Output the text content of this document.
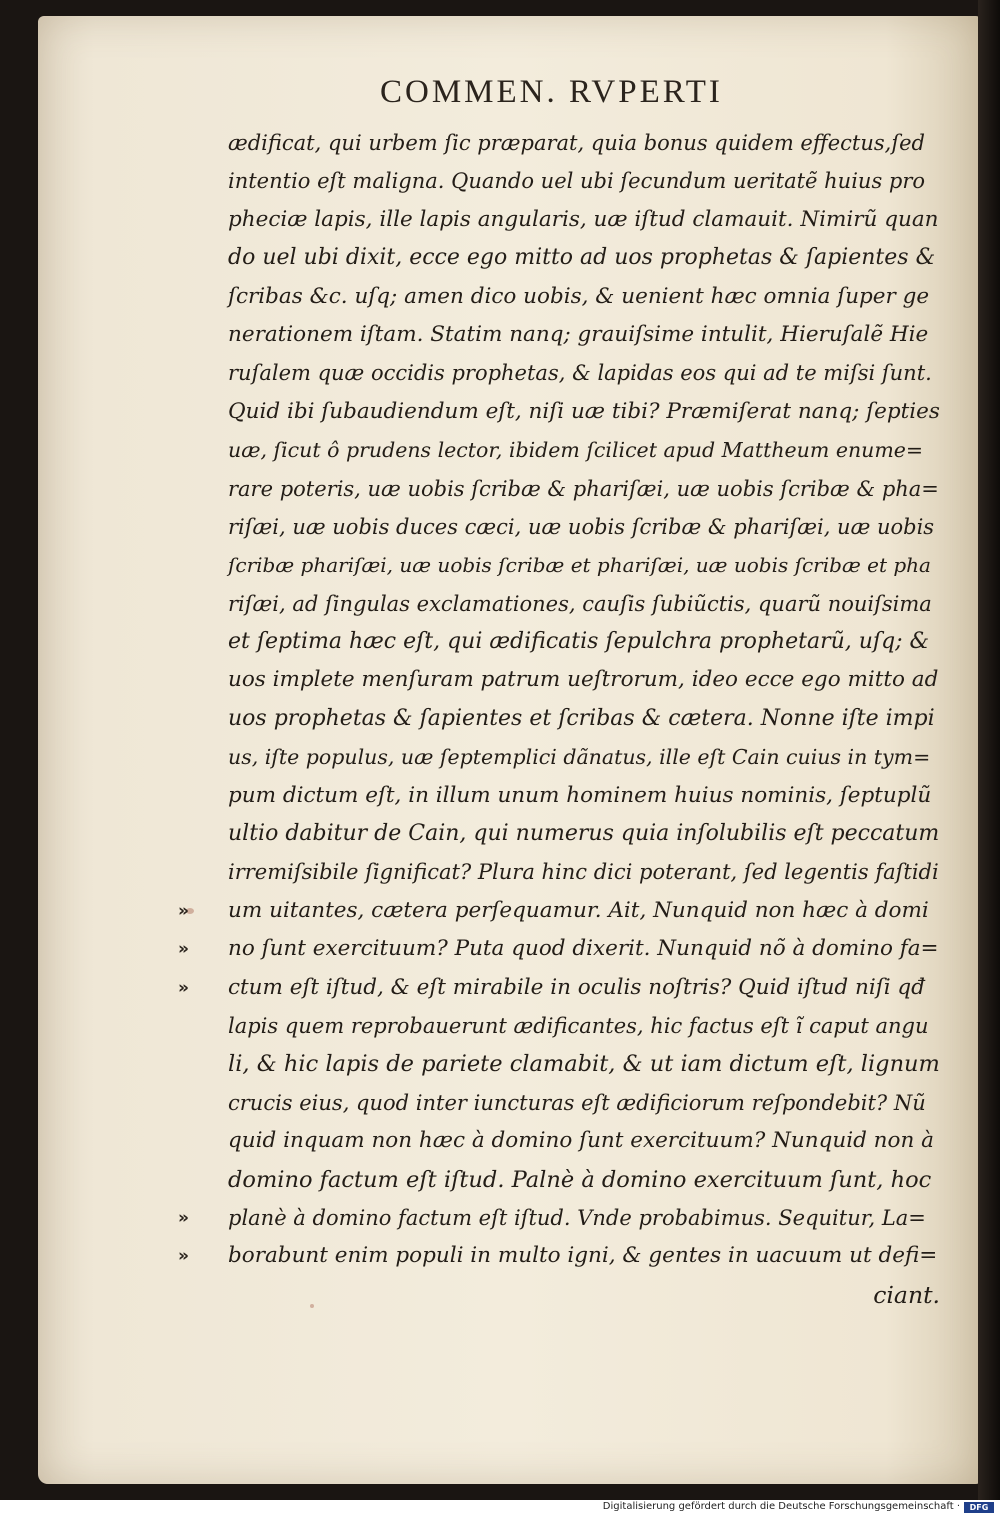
COMMEN. RVPERTI
ædificat, qui urbem ſic præparat, quia bonus quidem effectus,ſed
intentio eſt maligna. Quando uel ubi ſecundum ueritatẽ huius pro
pheciæ lapis, ille lapis angularis, uæ iſtud clamauit. Nimirũ quan
do uel ubi dixit, ecce ego mitto ad uos prophetas & ſapientes &
ſcribas &c. uſq; amen dico uobis, & uenient hæc omnia ſuper ge
nerationem iſtam. Statim nanq; grauiſsime intulit, Hieruſalẽ Hie
ruſalem quæ occidis prophetas, & lapidas eos qui ad te miſsi ſunt.
Quid ibi ſubaudiendum eſt, niſi uæ tibi? Præmiſerat nanq; ſepties
uæ, ſicut ô prudens lector, ibidem ſcilicet apud Mattheum enume=
rare poteris, uæ uobis ſcribæ & phariſæi, uæ uobis ſcribæ & pha=
riſæi, uæ uobis duces cæci, uæ uobis ſcribæ & phariſæi, uæ uobis
ſcribæ phariſæi, uæ uobis ſcribæ et phariſæi, uæ uobis ſcribæ et pha
riſæi, ad ſingulas exclamationes, cauſis ſubiũctis, quarũ nouiſsima
et ſeptima hæc eſt, qui ædificatis ſepulchra prophetarũ, uſq; &
uos implete menſuram patrum ueſtrorum, ideo ecce ego mitto ad
uos prophetas & ſapientes et ſcribas & cætera. Nonne iſte impi
us, iſte populus, uæ ſeptemplici dãnatus, ille eſt Cain cuius in tym=
pum dictum eſt, in illum unum hominem huius nominis, ſeptuplũ
ultio dabitur de Cain, qui numerus quia inſolubilis eſt peccatum
irremiſsibile ſignificat? Plura hinc dici poterant, ſed legentis faſtidi
um uitantes, cætera perſequamur. Ait, Nunquid non hæc à domi
»
no ſunt exercituum? Puta quod dixerit. Nunquid nõ à domino fa=
»
ctum eſt iſtud, & eſt mirabile in oculis noſtris? Quid iſtud niſi qđ
»
lapis quem reprobauerunt ædificantes, hic factus eſt ĩ caput angu
li, & hic lapis de pariete clamabit, & ut iam dictum eſt, lignum
crucis eius, quod inter iuncturas eſt ædificiorum reſpondebit? Nũ
quid inquam non hæc à domino ſunt exercituum? Nunquid non à
domino factum eſt iſtud. Palnè à domino exercituum ſunt, hoc
planè à domino factum eſt iſtud. Vnde probabimus. Sequitur, La=
»
borabunt enim populi in multo igni, & gentes in uacuum ut defi=
»
ciant.
Digitalisierung gefördert durch die Deutsche Forschungsgemeinschaft ·	DFG
